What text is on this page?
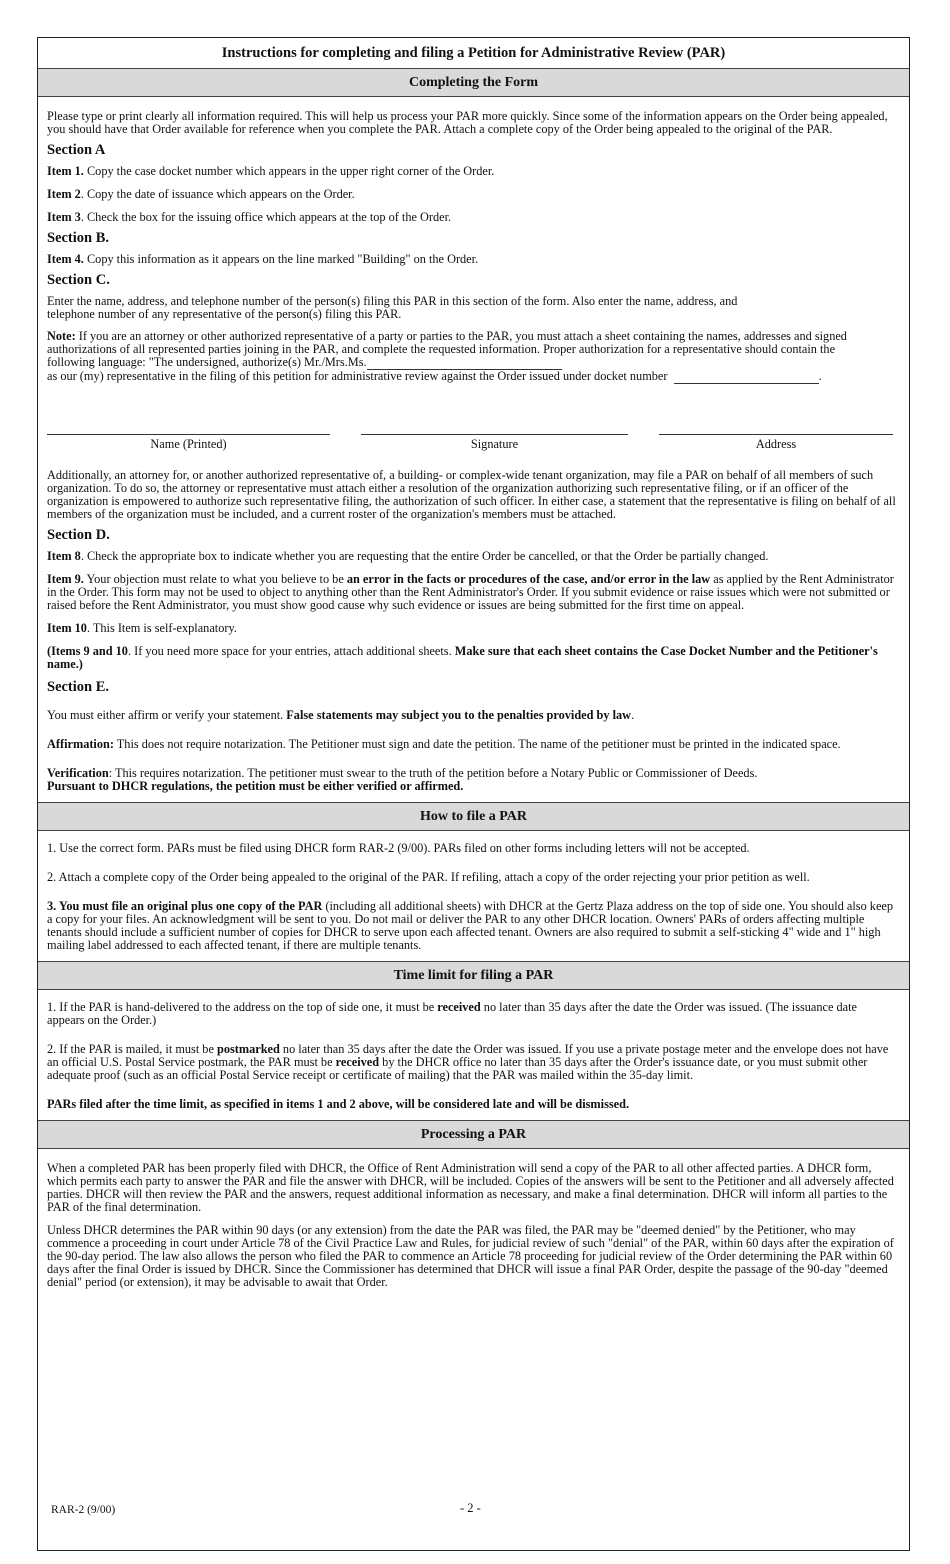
Instructions for completing and filing a Petition for Administrative Review (PAR)
Completing the Form

Please type or print clearly all information required. This will help us process your PAR more quickly. Since some of the information appears on the Order being appealed, you should have that Order available for reference when you complete the PAR. Attach a complete copy of the Order being appealed to the original of the PAR.

Section A

Item 1. Copy the case docket number which appears in the upper right corner of the Order.

Item 2. Copy the date of issuance which appears on the Order.

Item 3. Check the box for the issuing office which appears at the top of the Order.

Section B.

Item 4. Copy this information as it appears on the line marked "Building" on the Order.

Section C.

Enter the name, address, and telephone number of the person(s) filing this PAR in this section of the form. Also enter the name, address, and telephone number of any representative of the person(s) filing this PAR.

Note: If you are an attorney or other authorized representative of a party or parties to the PAR, you must attach a sheet containing the names, addresses and signed authorizations of all represented parties joining in the PAR, and complete the requested information. Proper authorization for a representative should contain the following language: "The undersigned, authorize(s) Mr./Mrs.Ms.

as our (my) representative in the filing of this petition for administrative review against the Order issued under docket number	.

Name (Printed)	Signature	Address

Additionally, an attorney for, or another authorized representative of, a building- or complex-wide tenant organization, may file a PAR on behalf of all members of such organization. To do so, the attorney or representative must attach either a resolution of the organization authorizing such representative filing, or if an officer of the organization is empowered to authorize such representative filing, the authorization of such officer. In either case, a statement that the representative is filing on behalf of all members of the organization must be included, and a current roster of the organization's members must be attached.

Section D.

Item 8. Check the appropriate box to indicate whether you are requesting that the entire Order be cancelled, or that the Order be partially changed.

Item 9. Your objection must relate to what you believe to be an error in the facts or procedures of the case, and/or error in the law as applied by the Rent Administrator in the Order. This form may not be used to object to anything other than the Rent Administrator's Order. If you submit evidence or raise issues which were not submitted or raised before the Rent Administrator, you must show good cause why such evidence or issues are being submitted for the first time on appeal.

Item 10. This Item is self-explanatory.

(Items 9 and 10. If you need more space for your entries, attach additional sheets. Make sure that each sheet contains the Case Docket Number and the Petitioner's name.)

Section E.

You must either affirm or verify your statement. False statements may subject you to the penalties provided by law.

Affirmation: This does not require notarization. The Petitioner must sign and date the petition. The name of the petitioner must be printed in the indicated space.

Verification: This requires notarization. The petitioner must swear to the truth of the petition before a Notary Public or Commissioner of Deeds.
Pursuant to DHCR regulations, the petition must be either verified or affirmed.

How to file a PAR

1. Use the correct form. PARs must be filed using DHCR form RAR-2 (9/00). PARs filed on other forms including letters will not be accepted.

2. Attach a complete copy of the Order being appealed to the original of the PAR. If refiling, attach a copy of the order rejecting your prior petition as well.

3. You must file an original plus one copy of the PAR (including all additional sheets) with DHCR at the Gertz Plaza address on the top of side one. You should also keep a copy for your files. An acknowledgment will be sent to you. Do not mail or deliver the PAR to any other DHCR location. Owners' PARs of orders affecting multiple tenants should include a sufficient number of copies for DHCR to serve upon each affected tenant. Owners are also required to submit a self-sticking 4" wide and 1" high mailing label addressed to each affected tenant, if there are multiple tenants.

Time limit for filing a PAR

1. If the PAR is hand-delivered to the address on the top of side one, it must be received no later than 35 days after the date the Order was issued. (The issuance date appears on the Order.)

2. If the PAR is mailed, it must be postmarked no later than 35 days after the date the Order was issued. If you use a private postage meter and the envelope does not have an official U.S. Postal Service postmark, the PAR must be received by the DHCR office no later than 35 days after the Order's issuance date, or you must submit other adequate proof (such as an official Postal Service receipt or certificate of mailing) that the PAR was mailed within the 35-day limit.

PARs filed after the time limit, as specified in items 1 and 2 above, will be considered late and will be dismissed.

Processing a PAR

When a completed PAR has been properly filed with DHCR, the Office of Rent Administration will send a copy of the PAR to all other affected parties. A DHCR form, which permits each party to answer the PAR and file the answer with DHCR, will be included. Copies of the answers will be sent to the Petitioner and all adversely affected parties. DHCR will then review the PAR and the answers, request additional information as necessary, and make a final determination. DHCR will inform all parties to the PAR of the final determination.

Unless DHCR determines the PAR within 90 days (or any extension) from the date the PAR was filed, the PAR may be "deemed denied" by the Petitioner, who may commence a proceeding in court under Article 78 of the Civil Practice Law and Rules, for judicial review of such "denial" of the PAR, within 60 days after the expiration of the 90-day period. The law also allows the person who filed the PAR to commence an Article 78 proceeding for judicial review of the Order determining the PAR within 60 days after the final Order is issued by DHCR. Since the Commissioner has determined that DHCR will issue a final PAR Order, despite the passage of the 90-day "deemed denial" period (or extension), it may be advisable to await that Order.

RAR-2 (9/00)	- 2 -
